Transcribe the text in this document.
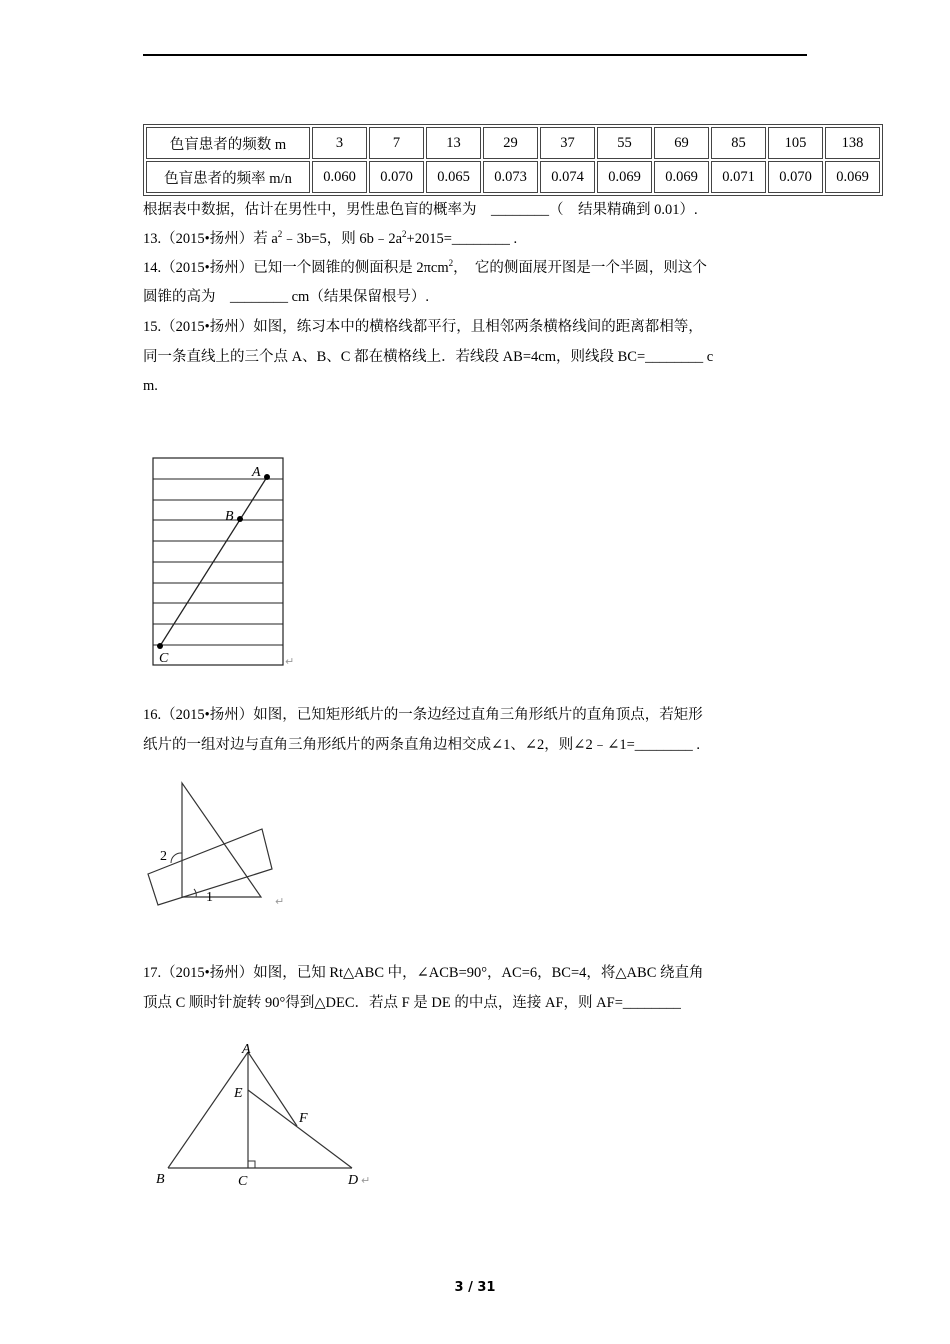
色盲患者的频数 m	3	7	13	29	37	55	69	85	105	138
色盲患者的频率 m/n	0.060	0.070	0.065	0.073	0.074	0.069	0.069	0.071	0.070	0.069
根据表中数据，估计在男性中，男性患色盲的概率为　________（　结果精确到 0.01）.
13.（2015•扬州）若 $a^2﹣3b=5$，则 $6b﹣2a^2+2015=\_\_\_\_\_\_\_\_$ .
14.（2015•扬州）已知一个圆锥的侧面积是 2πcm$^2$，　它的侧面展开图是一个半圆，则这个
圆锥的高为　________ cm（结果保留根号）.
15.（2015•扬州）如图，练习本中的横格线都平行，且相邻两条横格线间的距离都相等，
同一条直线上的三个点 A、B、C 都在横格线上．若线段 AB=4cm，则线段 BC=________ c
m.
A
B
C	↵
16.（2015•扬州）如图，已知矩形纸片的一条边经过直角三角形纸片的直角顶点，若矩形
纸片的一组对边与直角三角形纸片的两条直角边相交成∠1、∠2，则∠2﹣∠1=________ .
2
1	↵
17.（2015•扬州）如图，已知 Rt△ABC 中，∠ACB=90°，AC=6，BC=4，将△ABC 绕直角
顶点 C 顺时针旋转 90°得到△DEC．若点 F 是 DE 的中点，连接 AF，则 AF=________
A
E
F
B	C	D ↵
3 / 31
